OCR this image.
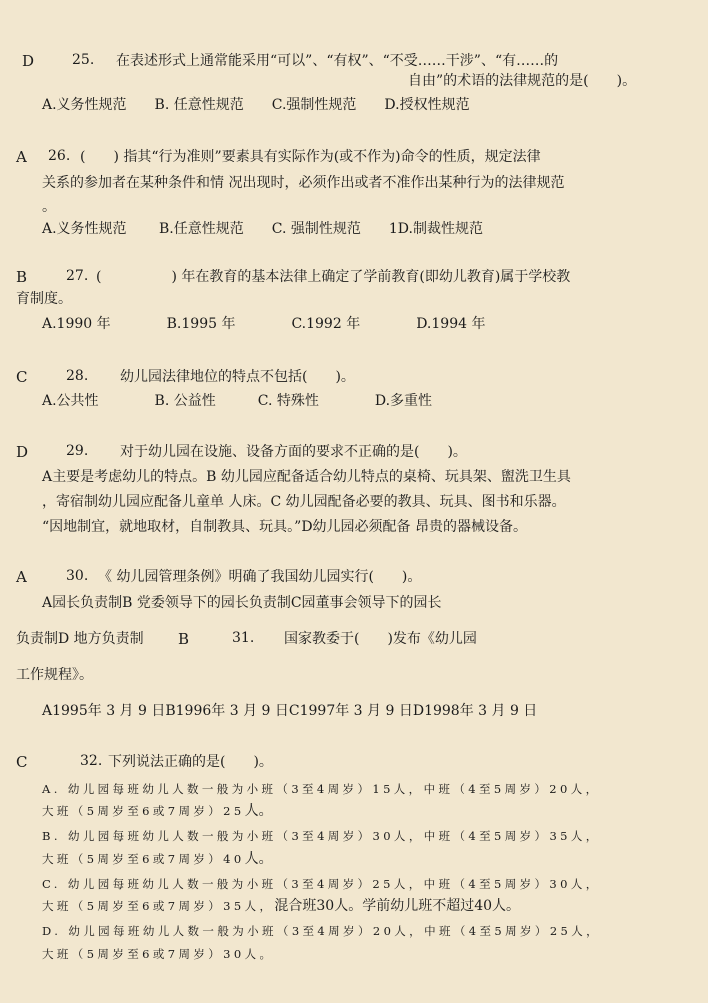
D	25. 在表述形式上通常能采用“可以”、“有权”、“不受……干涉”、“有……的
自由”的术语的法律规范的是(　　)。
A.义务性规范　　B. 任意性规范　　C.强制性规范　　D.授权性规范
A 26. (　　) 指其“行为准则”要素具有实际作为(或不作为)命令的性质，规定法律
关系的参加者在某种条件和情 况出现时，必须作出或者不准作出某种行为的法律规范
。
A.义务性规范　　 B.任意性规范　　C. 强制性规范　　1D.制裁性规范
B	27. (　　　　　) 年在教育的基本法律上确定了学前教育(即幼儿教育)属于学校教
育制度。
A.1990 年　　　　B.1995 年　　　　C.1992 年　　　　D.1994 年
C	28. 幼儿园法律地位的特点不包括(　　)。
A.公共性　　　　B. 公益性　　　C. 特殊性　　　　D.多重性
D	29. 对于幼儿园在设施、设备方面的要求不正确的是(　　)。
A主要是考虑幼儿的特点。B 幼儿园应配备适合幼儿特点的桌椅、玩具架、盥洗卫生具
，寄宿制幼儿园应配备儿童单 人床。C 幼儿园配备必要的教具、玩具、图书和乐器。
“因地制宜，就地取材，自制教具、玩具。”D幼儿园必须配备 昂贵的器械设备。
A	30. 《 幼儿园管理条例》明确了我国幼儿园实行(　　)。
A园长负责制B 党委领导下的园长负责制C园董事会领导下的园长
负责制D 地方负责制 B	31. 国家教委于(　　)发布《幼儿园
工作规程》。
A1995年 3 月 9 日B1996年 3 月 9 日C1997年 3 月 9 日D1998年 3 月 9 日
C	32. 下列说法正确的是(　　)。
A. 幼儿园每班幼儿人数一般为小班（3至4周岁）15人，中班（4至5周岁）20人，
大班（5周岁至6或7周岁）25人。
B. 幼儿园每班幼儿人数一般为小班（3至4周岁）30人，中班（4至5周岁）35人，
大班（5周岁至6或7周岁）40人。
C. 幼儿园每班幼儿人数一般为小班（3至4周岁）25人，中班（4至5周岁）30人，
大班（5周岁至6或7周岁）35人，混合班30人。学前幼儿班不超过40人。
D. 幼儿园每班幼儿人数一般为小班（3至4周岁）20人，中班（4至5周岁）25人，
大班（5周岁至6或7周岁）30人。
